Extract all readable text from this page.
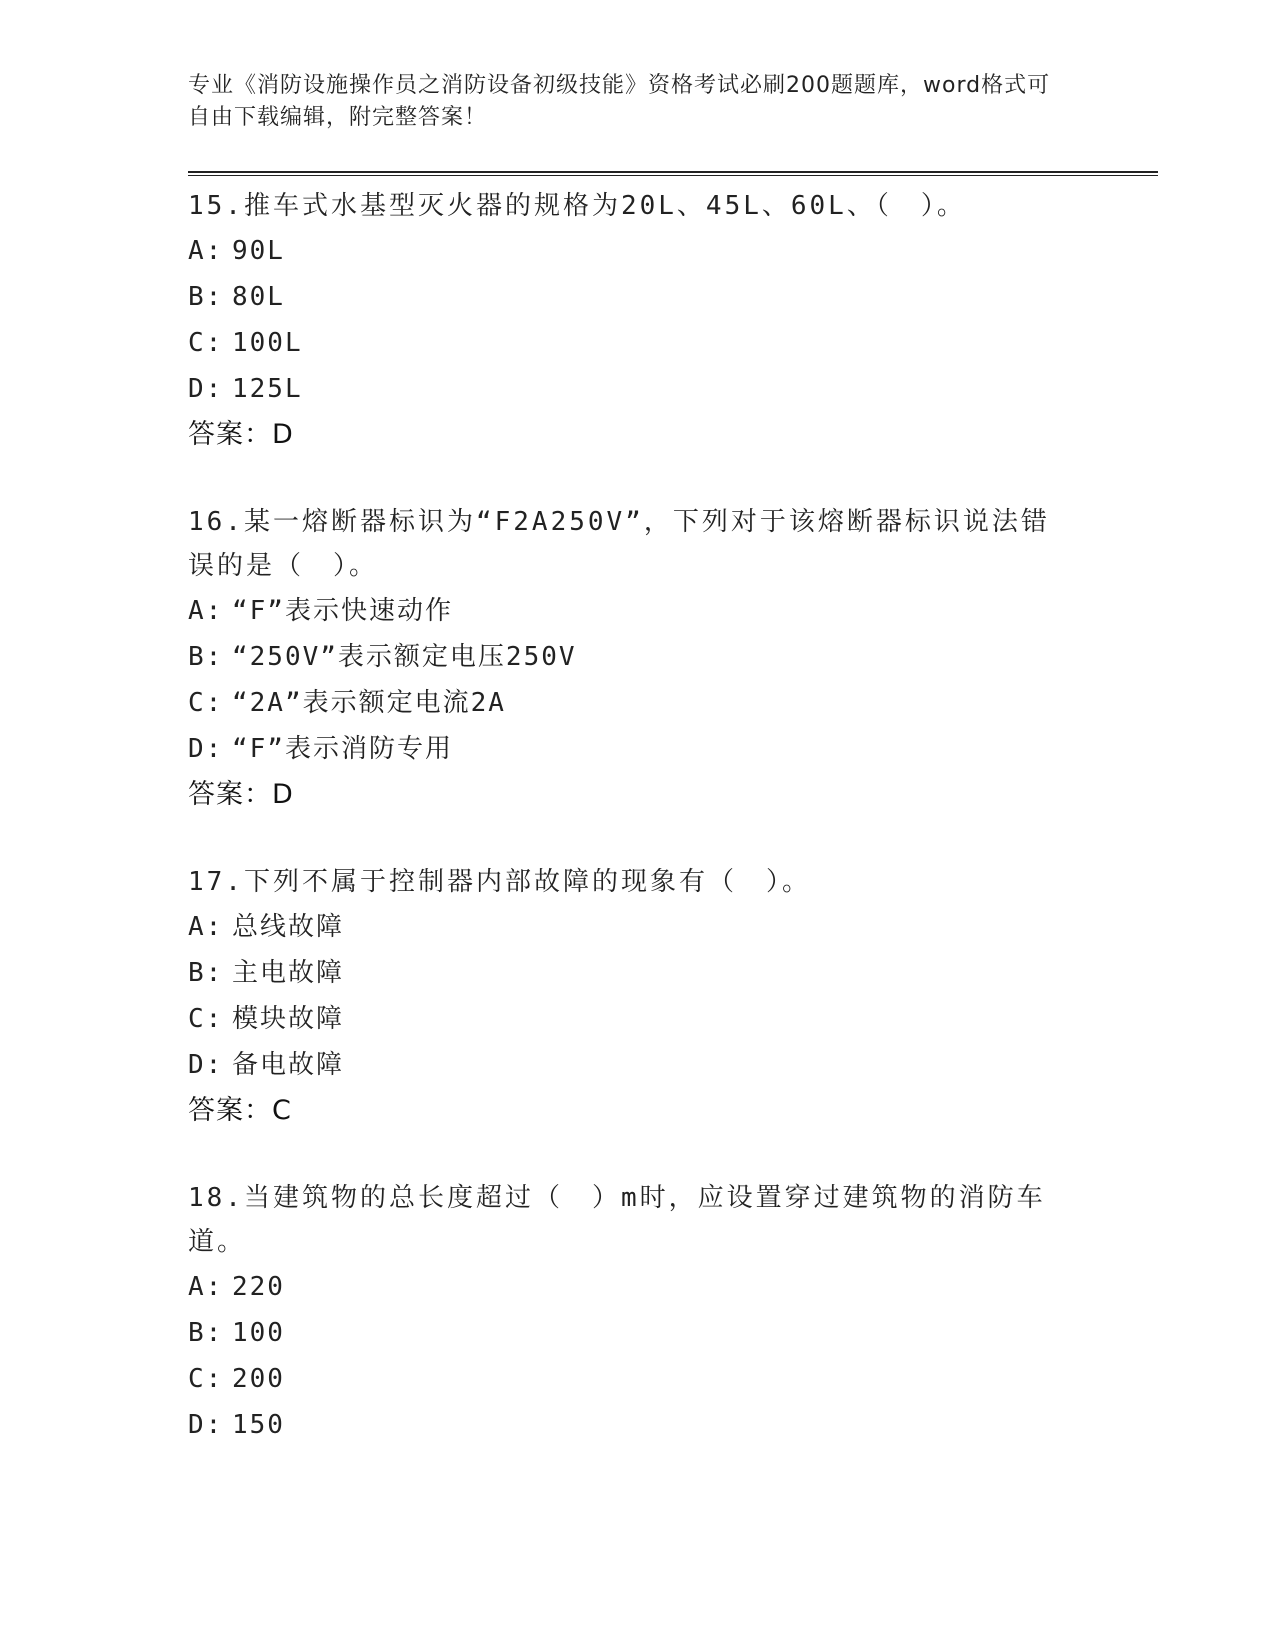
专业《消防设施操作员之消防设备初级技能》资格考试必刷200题题库，word格式可自由下载编辑，附完整答案！
15.推车式水基型灭火器的规格为20L、45L、60L、（　）。
A: 90L
B: 80L
C: 100L
D: 125L
答案：D
16.某一熔断器标识为“F2A250V”，下列对于该熔断器标识说法错误的是（　）。
A: “F”表示快速动作
B: “250V”表示额定电压250V
C: “2A”表示额定电流2A
D: “F”表示消防专用
答案：D
17.下列不属于控制器内部故障的现象有（　）。
A: 总线故障
B: 主电故障
C: 模块故障
D: 备电故障
答案：C
18.当建筑物的总长度超过（　）m时，应设置穿过建筑物的消防车道。
A: 220
B: 100
C: 200
D: 150
